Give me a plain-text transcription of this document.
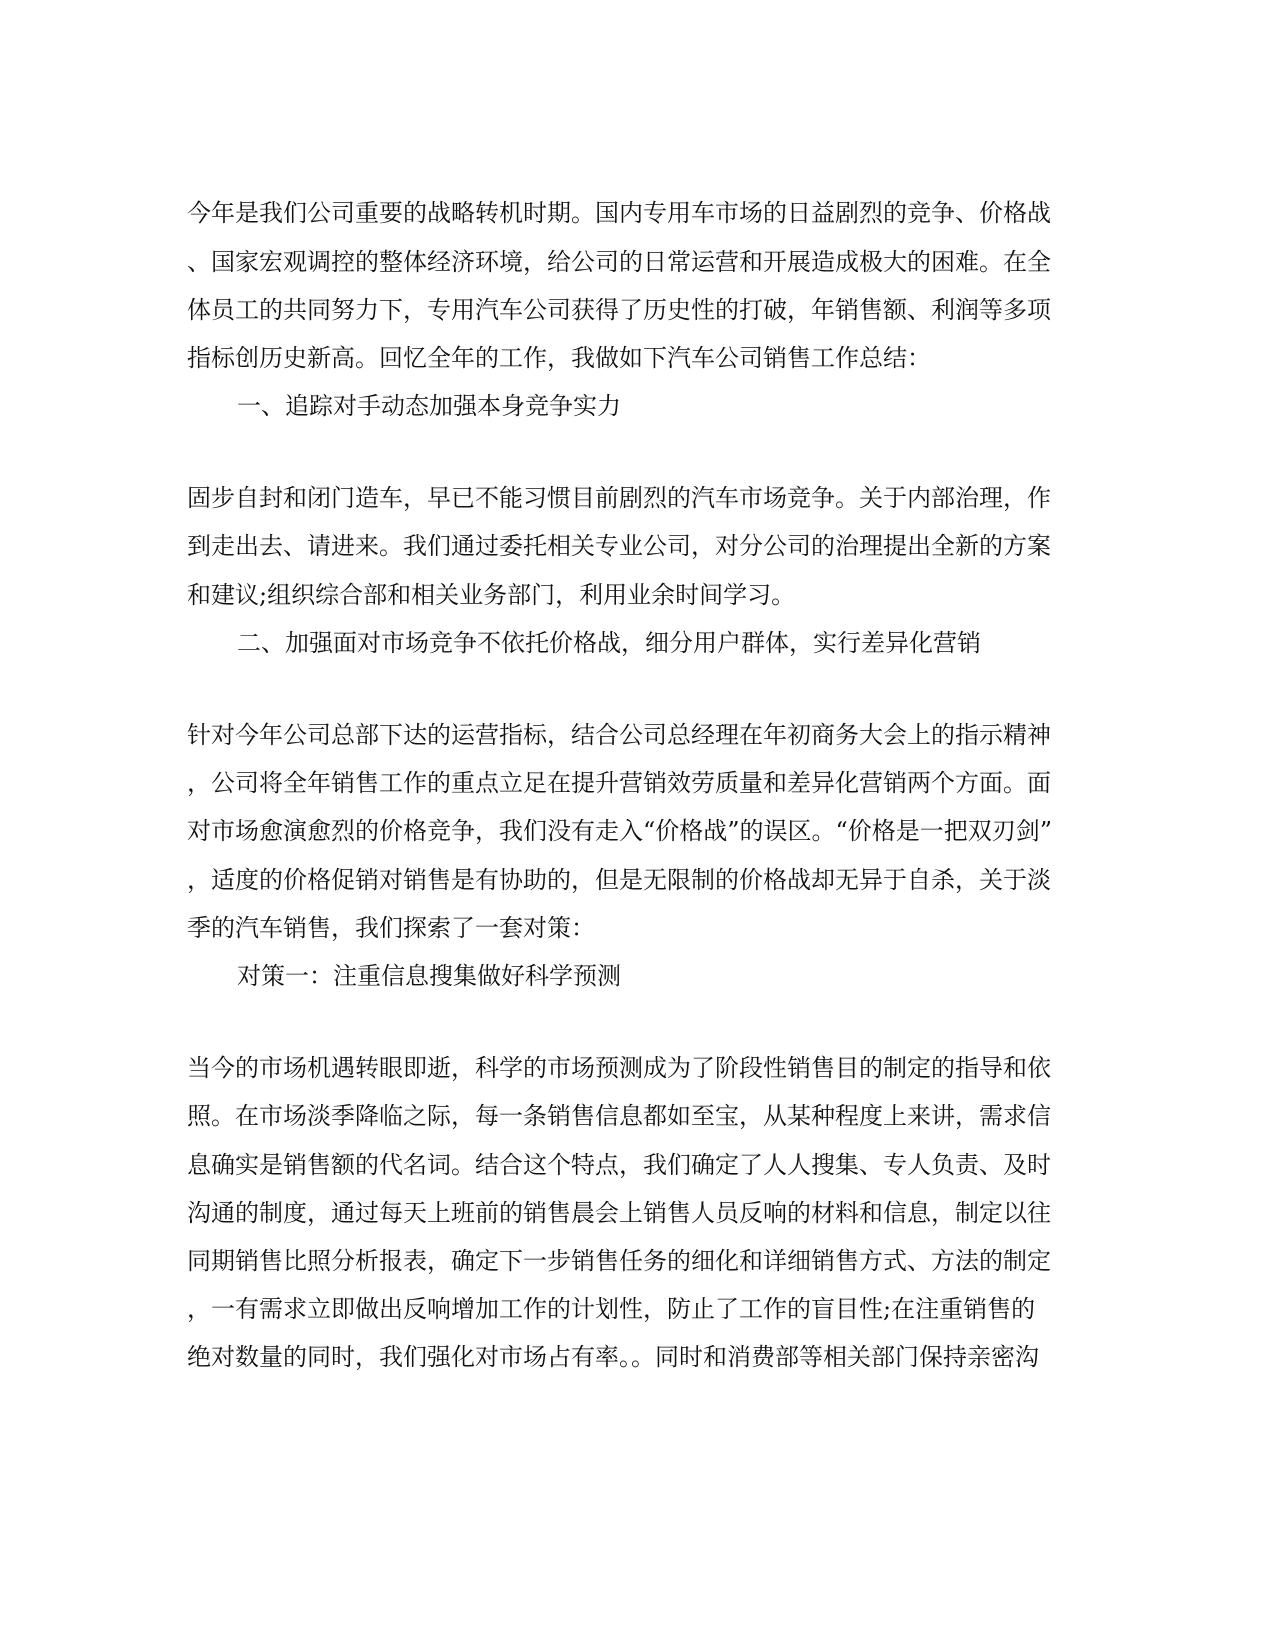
今年是我们公司重要的战略转机时期。国内专用车市场的日益剧烈的竞争、价格战
、国家宏观调控的整体经济环境，给公司的日常运营和开展造成极大的困难。在全
体员工的共同努力下，专用汽车公司获得了历史性的打破，年销售额、利润等多项
指标创历史新高。回忆全年的工作，我做如下汽车公司销售工作总结：
一、追踪对手动态加强本身竞争实力
固步自封和闭门造车，早已不能习惯目前剧烈的汽车市场竞争。关于内部治理，作
到走出去、请进来。我们通过委托相关专业公司，对分公司的治理提出全新的方案
和建议;组织综合部和相关业务部门，利用业余时间学习。
二、加强面对市场竞争不依托价格战，细分用户群体，实行差异化营销
针对今年公司总部下达的运营指标，结合公司总经理在年初商务大会上的指示精神
，公司将全年销售工作的重点立足在提升营销效劳质量和差异化营销两个方面。面
对市场愈演愈烈的价格竞争，我们没有走入“价格战”的误区。“价格是一把双刃剑”
，适度的价格促销对销售是有协助的，但是无限制的价格战却无异于自杀，关于淡
季的汽车销售，我们探索了一套对策：
对策一：注重信息搜集做好科学预测
当今的市场机遇转眼即逝，科学的市场预测成为了阶段性销售目的制定的指导和依
照。在市场淡季降临之际，每一条销售信息都如至宝，从某种程度上来讲，需求信
息确实是销售额的代名词。结合这个特点，我们确定了人人搜集、专人负责、及时
沟通的制度，通过每天上班前的销售晨会上销售人员反响的材料和信息，制定以往
同期销售比照分析报表，确定下一步销售任务的细化和详细销售方式、方法的制定
，一有需求立即做出反响增加工作的计划性，防止了工作的盲目性;在注重销售的
绝对数量的同时，我们强化对市场占有率。。同时和消费部等相关部门保持亲密沟
